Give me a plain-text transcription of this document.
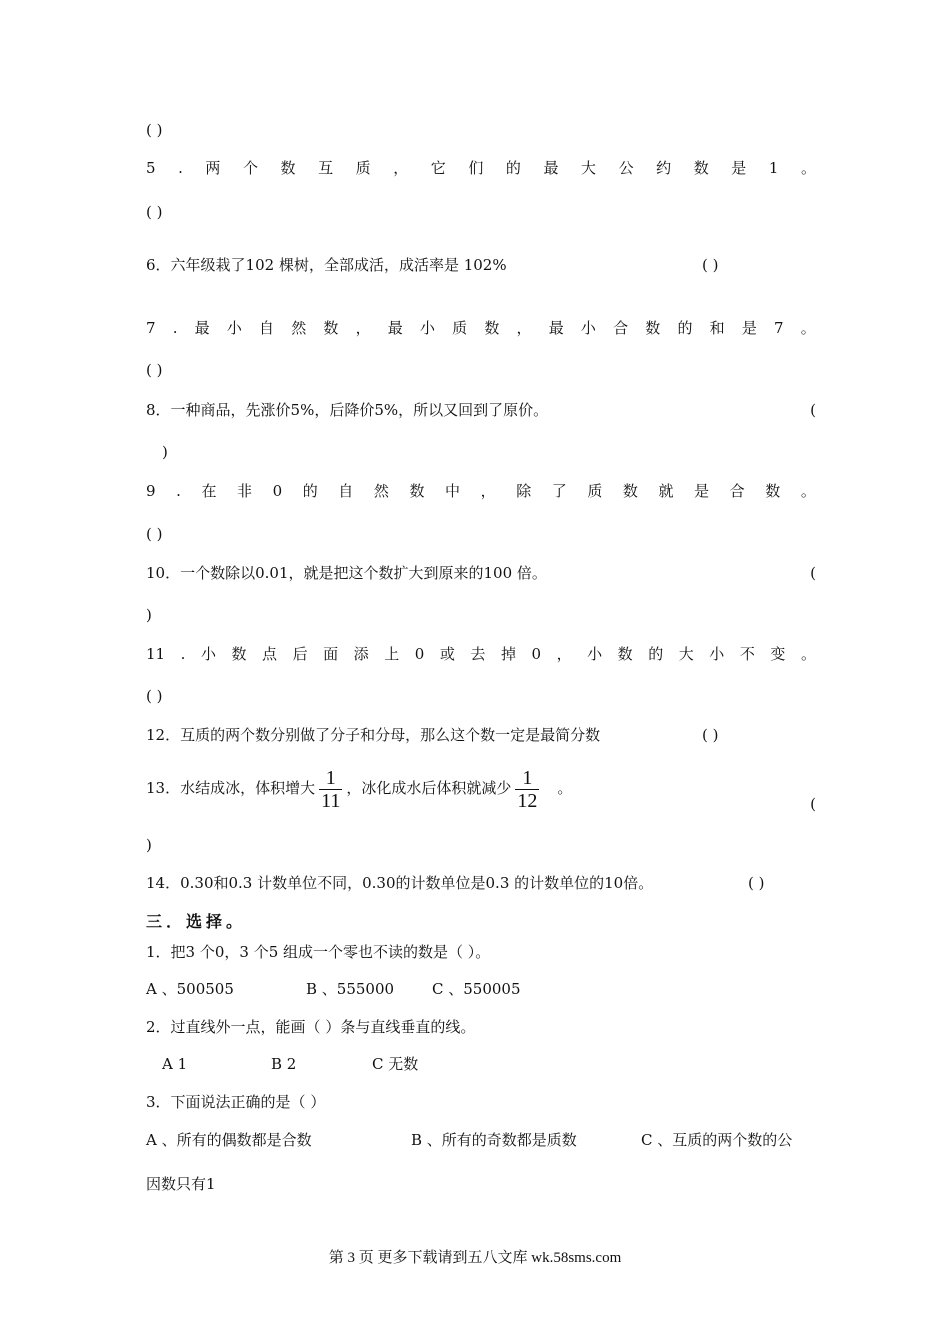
( )
5 . 两 个 数 互 质 ， 它 们 的 最 大 公 约 数 是 1 。
( )
6．六年级栽了102 棵树，全部成活，成活率是 102%	( )
7 . 最 小 自 然 数 ， 最 小 质 数 ， 最 小 合 数 的 和 是 7 。
( )
8．一种商品，先涨价5%，后降价5%，所以又回到了原价。	(
)
9 . 在 非 0 的 自 然 数 中 ， 除 了 质 数 就 是 合 数 。
( )
10．一个数除以0.01，就是把这个数扩大到原来的100 倍。	(
)
11 . 小 数 点 后 面 添 上 0 或 去 掉 0 ， 小 数 的 大 小 不 变 。
( )
12．互质的两个数分别做了分子和分母，那么这个数一定是最简分数	( )
13．水结成冰，体积增大 $\frac{1}{11}$ ，冰化成水后体积就减少 $\frac{1}{12}$ 。
(
)
14．0.30和0.3 计数单位不同，0.30的计数单位是0.3 的计数单位的10倍。	( )
三．选择。
1．把3 个0，3 个5 组成一个零也不读的数是（ ）。
A 、500505	B 、555000	C 、550005
2．过直线外一点，能画（ ）条与直线垂直的线。
A 1	B 2	C 无数
3．下面说法正确的是（ ）
A 、所有的偶数都是合数	B 、所有的奇数都是质数	C 、互质的两个数的公
因数只有1
第 3 页 更多下载请到五八文库 wk.58sms.com
